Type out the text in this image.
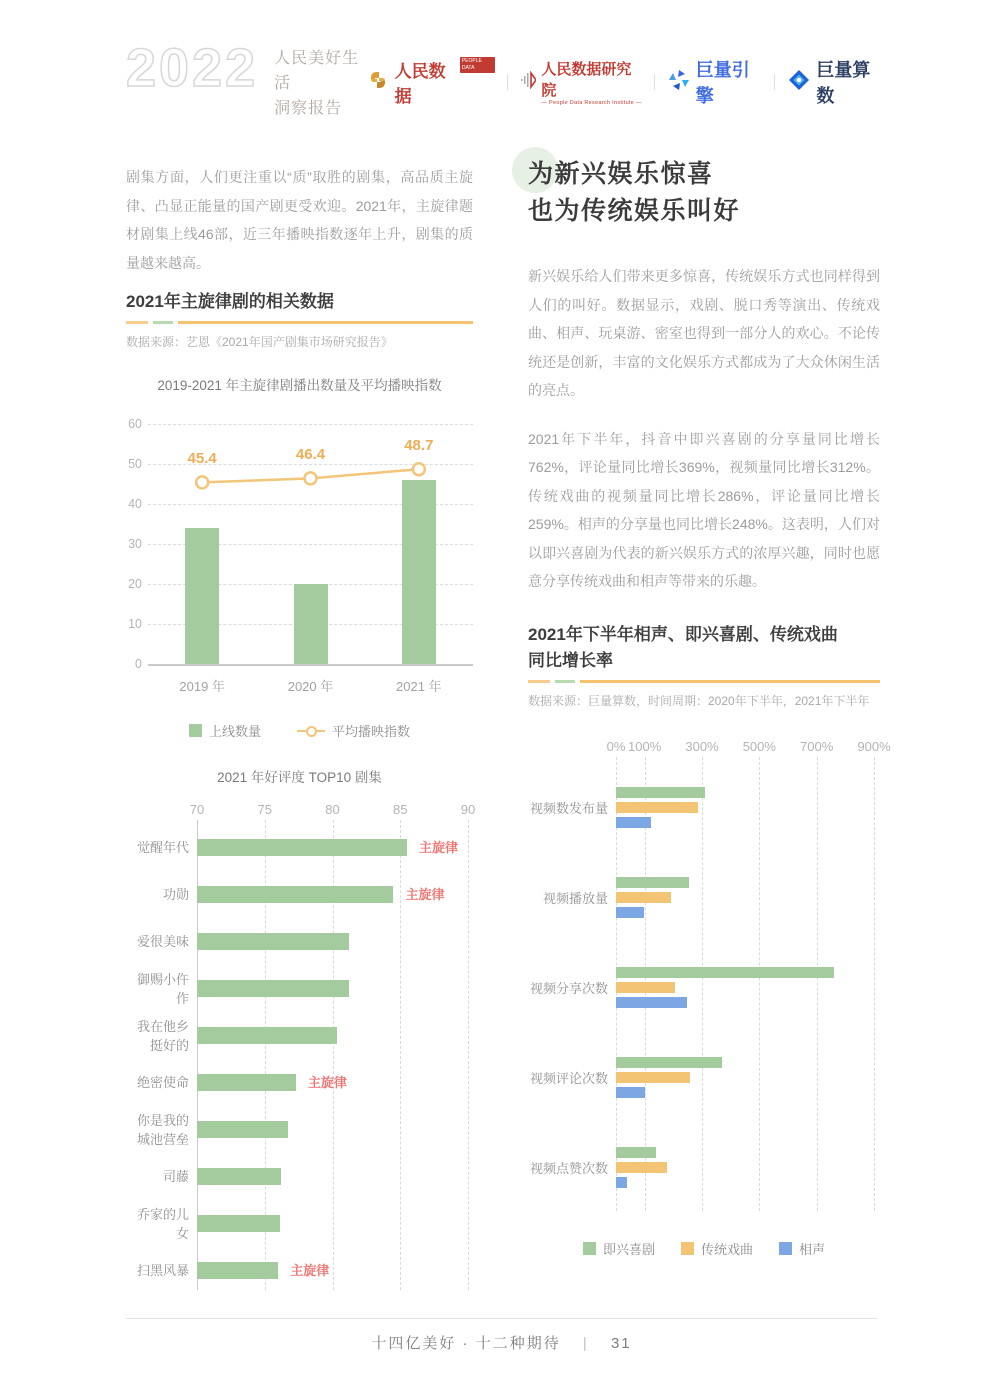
2022 人民美好生活
洞察报告
人民数据
PEOPLE DATA	人民数据研究院
— People Data Research Institute —
巨量引擎
巨量算数
剧集方面，人们更注重以“质”取胜的剧集，高品质主旋律、凸显正能量的国产剧更受欢迎。2021年，主旋律题材剧集上线46部，近三年播映指数逐年上升，剧集的质量越来越高。
2021年主旋律剧的相关数据
数据来源：艺恩《2021年国产剧集市场研究报告》
2019-2021 年主旋律剧播出数量及平均播映指数
0
10
20
30
40
50
60
45.4	46.4
48.7
2019 年	2020 年	2021 年
上线数量	平均播映指数
2021 年好评度 TOP10 剧集
70	75	80	85	90
觉醒年代	主旋律
功勋	主旋律
爱很美味
御赐小仵作
我在他乡
挺好的
绝密使命	主旋律
你是我的
城池营垒
司藤
乔家的儿女
扫黑风暴	主旋律
为新兴娱乐惊喜
也为传统娱乐叫好
新兴娱乐给人们带来更多惊喜，传统娱乐方式也同样得到人们的叫好。数据显示，戏剧、脱口秀等演出、传统戏曲、相声、玩桌游、密室也得到一部分人的欢心。不论传统还是创新，丰富的文化娱乐方式都成为了大众休闲生活的亮点。
2021年下半年，抖音中即兴喜剧的分享量同比增长762%，评论量同比增长369%，视频量同比增长312%。传统戏曲的视频量同比增长286%，评论量同比增长259%。相声的分享量也同比增长248%。这表明，人们对以即兴喜剧为代表的新兴娱乐方式的浓厚兴趣，同时也愿意分享传统戏曲和相声等带来的乐趣。
2021年下半年相声、即兴喜剧、传统戏曲
同比增长率
数据来源：巨量算数，时间周期：2020年下半年，2021年下半年
0% 100% 300% 500% 700% 900%
视频数发布量
视频播放量
视频分享次数
视频评论次数
视频点赞次数
即兴喜剧	传统戏曲	相声
十四亿美好 · 十二种期待 | 31
